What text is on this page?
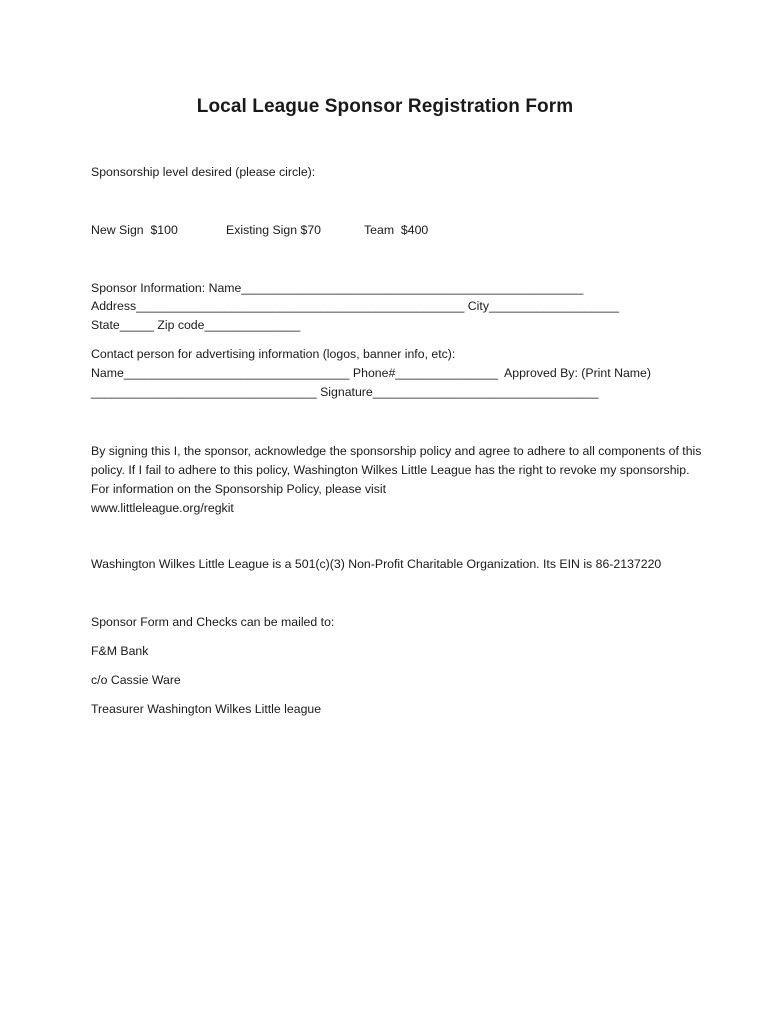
Local League Sponsor Registration Form
Sponsorship level desired (please circle):
New Sign  $100	Existing Sign $70	Team  $400
Sponsor Information: Name__________________________________________________
Address________________________________________________ City___________________
State_____ Zip code______________
Contact person for advertising information (logos, banner info, etc):
Name_________________________________ Phone#_______________  Approved By: (Print Name)
_________________________________ Signature_________________________________
By signing this I, the sponsor, acknowledge the sponsorship policy and agree to adhere to all components of this policy. If I fail to adhere to this policy, Washington Wilkes Little League has the right to revoke my sponsorship. For information on the Sponsorship Policy, please visit
www.littleleague.org/regkit
Washington Wilkes Little League is a 501(c)(3) Non-Profit Charitable Organization. Its EIN is 86-2137220
Sponsor Form and Checks can be mailed to:
F&M Bank
c/o Cassie Ware
Treasurer Washington Wilkes Little league
